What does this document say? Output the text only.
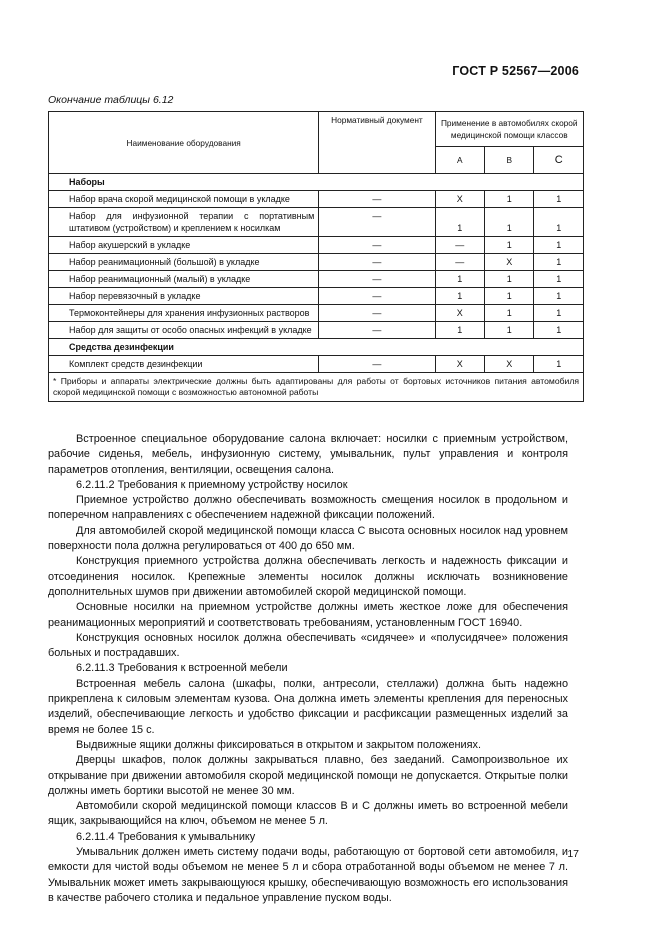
ГОСТ Р 52567—2006
Окончание таблицы 6.12
Наименование оборудования	Нормативный документ	Применение в автомобилях скорой медицинской помощи классов		
		А	В	С
Наборы				
Набор врача скорой медицинской помощи в укладке	—	X	1	1
Набор для инфузионной терапии с портативным штативом (устройством) и креплением к носилкам	—	1	1	1
Набор акушерский в укладке	—	—	1	1
Набор реанимационный (большой) в укладке	—	—	X	1
Набор реанимационный (малый) в укладке	—	1	1	1
Набор перевязочный в укладке	—	1	1	1
Термоконтейнеры для хранения инфузионных растворов	—	X	1	1
Набор для защиты от особо опасных инфекций в укладке	—	1	1	1
Средства дезинфекции				
Комплект средств дезинфекции	—	X	X	1
* Приборы и аппараты электрические должны быть адаптированы для работы от бортовых источников питания автомобиля скорой медицинской помощи с возможностью автономной работы				

Встроенное специальное оборудование салона включает: носилки с приемным устройством, рабочие сиденья, мебель, инфузионную систему, умывальник, пульт управления и контроля параметров отопления, вентиляции, освещения салона.

6.2.11.2 Требования к приемному устройству носилок

Приемное устройство должно обеспечивать возможность смещения носилок в продольном и поперечном направлениях с обеспечением надежной фиксации положений.

Для автомобилей скорой медицинской помощи класса С высота основных носилок над уровнем поверхности пола должна регулироваться от 400 до 650 мм.

Конструкция приемного устройства должна обеспечивать легкость и надежность фиксации и отсоединения носилок. Крепежные элементы носилок должны исключать возникновение дополнительных шумов при движении автомобилей скорой медицинской помощи.

Основные носилки на приемном устройстве должны иметь жесткое ложе для обеспечения реанимационных мероприятий и соответствовать требованиям, установленным ГОСТ 16940.

Конструкция основных носилок должна обеспечивать «сидячее» и «полусидячее» положения больных и пострадавших.

6.2.11.3 Требования к встроенной мебели

Встроенная мебель салона (шкафы, полки, антресоли, стеллажи) должна быть надежно прикреплена к силовым элементам кузова. Она должна иметь элементы крепления для переносных изделий, обеспечивающие легкость и удобство фиксации и расфиксации размещенных изделий за время не более 15 с.

Выдвижные ящики должны фиксироваться в открытом и закрытом положениях.

Дверцы шкафов, полок должны закрываться плавно, без заеданий. Самопроизвольное их открывание при движении автомобиля скорой медицинской помощи не допускается. Открытые полки должны иметь бортики высотой не менее 30 мм.

Автомобили скорой медицинской помощи классов В и С должны иметь во встроенной мебели ящик, закрывающийся на ключ, объемом не менее 5 л.

6.2.11.4 Требования к умывальнику

Умывальник должен иметь систему подачи воды, работающую от бортовой сети автомобиля, и емкости для чистой воды объемом не менее 5 л и сбора отработанной воды объемом не менее 7 л. Умывальник может иметь закрывающуюся крышку, обеспечивающую возможность его использования в качестве рабочего столика и педальное управление пуском воды.

17
